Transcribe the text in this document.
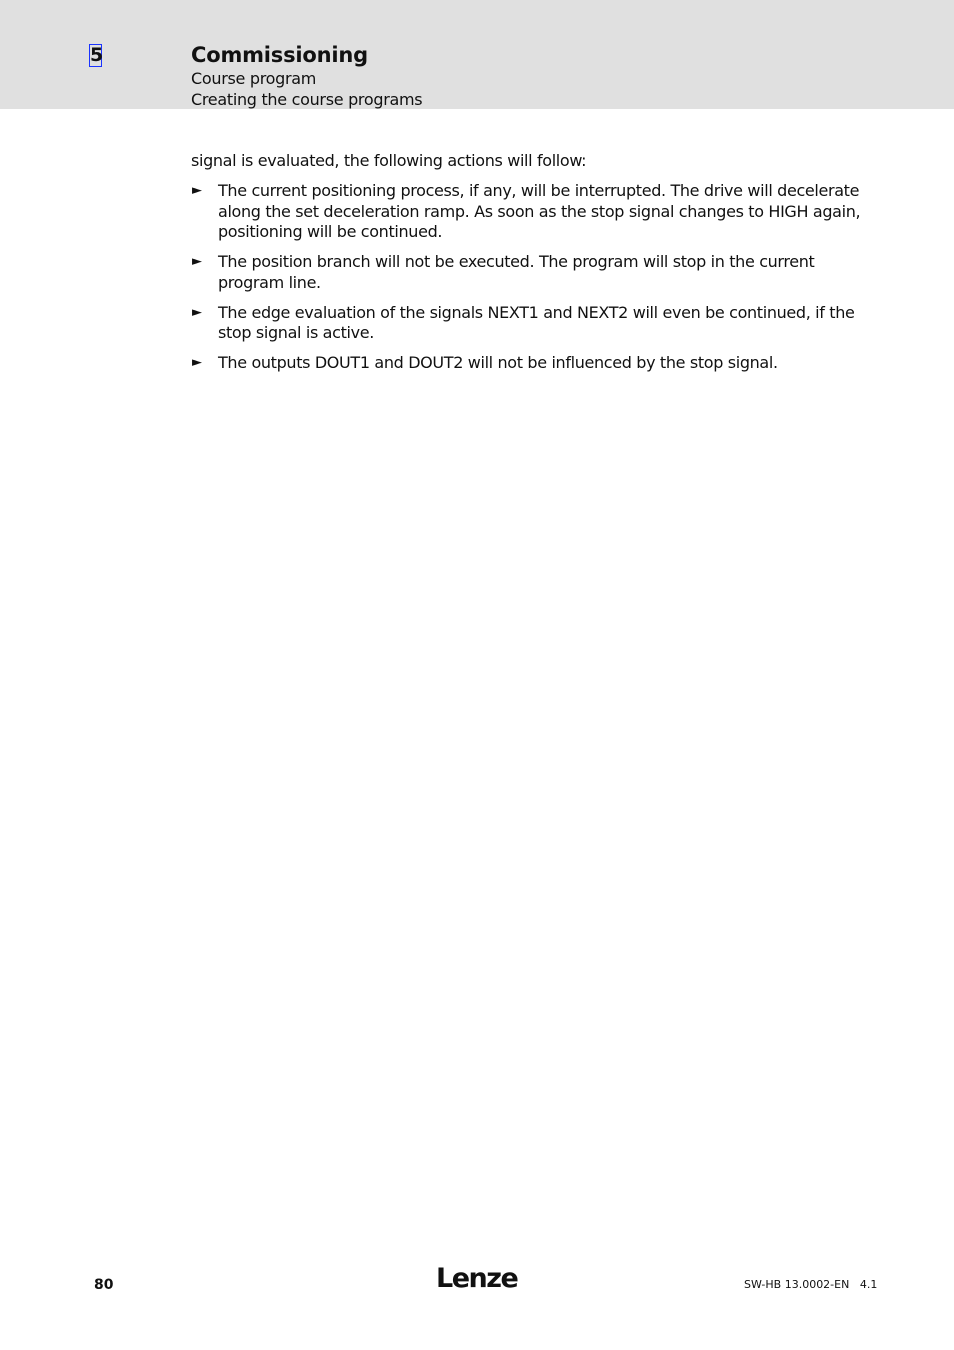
5	Commissioning
Course program
Creating the course programs

signal is evaluated, the following actions will follow:

► The current positioning process, if any, will be interrupted. The drive will decelerate along the set deceleration ramp. As soon as the stop signal changes to HIGH again, positioning will be continued.
► The position branch will not be executed. The program will stop in the current program line.
► The edge evaluation of the signals NEXT1 and NEXT2 will even be continued, if the stop signal is active.
► The outputs DOUT1 and DOUT2 will not be influenced by the stop signal.
80	Lenze	SW-HB 13.0002-EN   4.1
